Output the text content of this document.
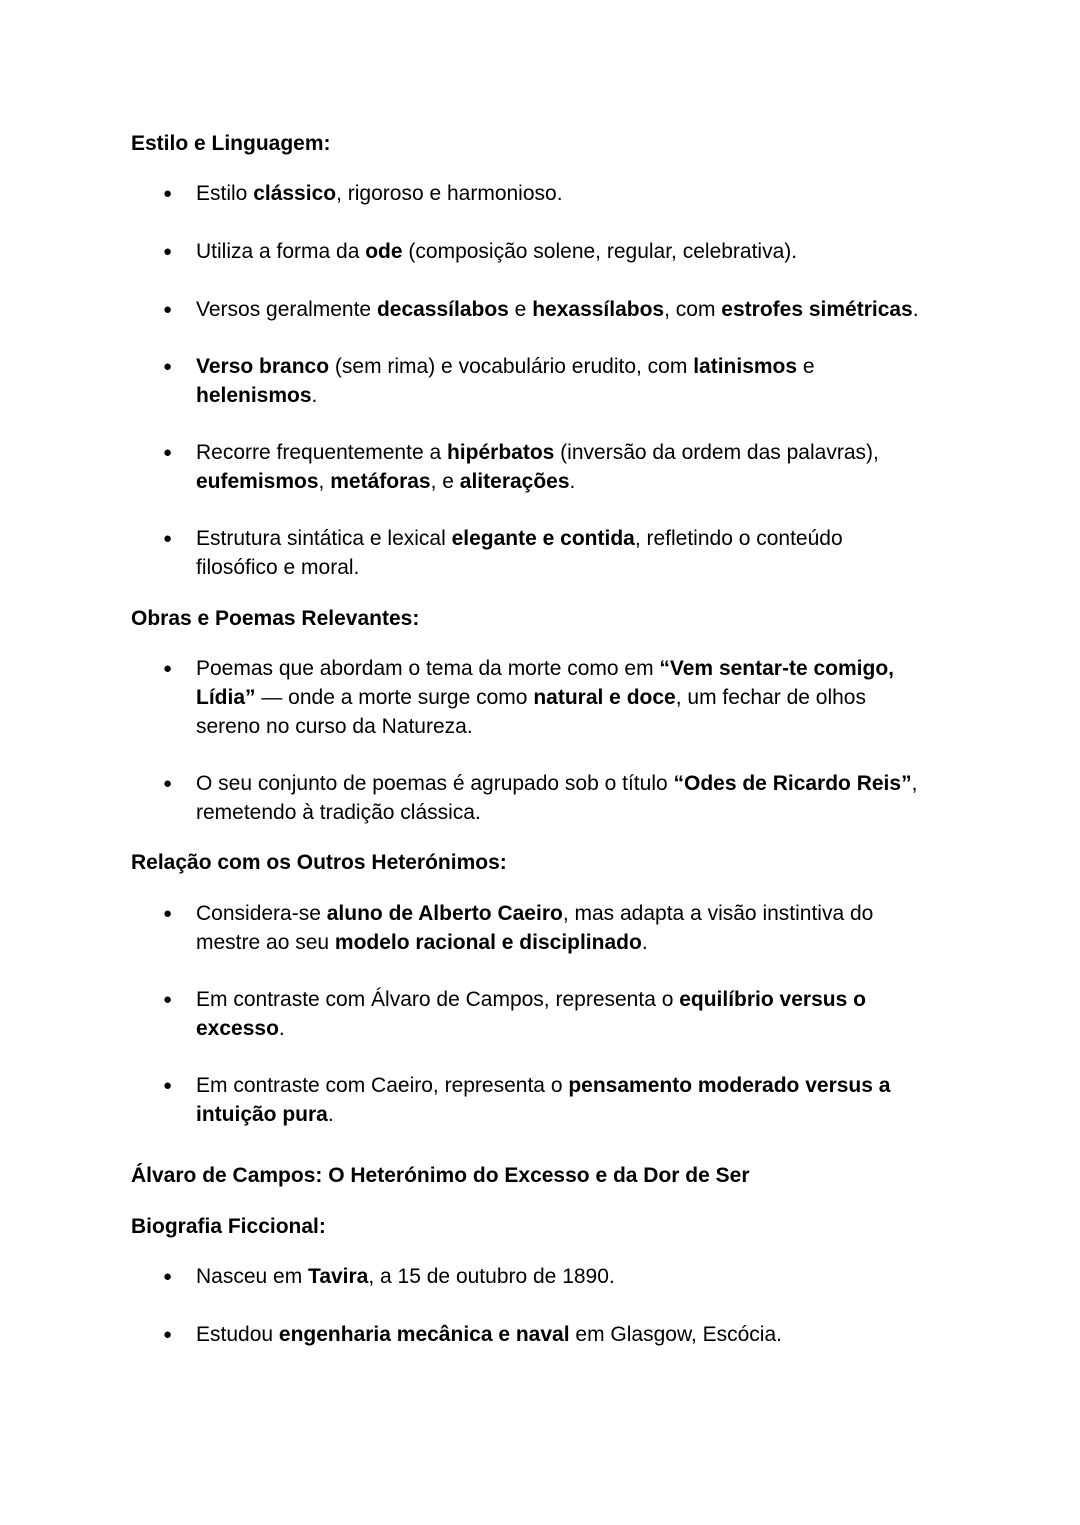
Estilo e Linguagem:
● Estilo clássico, rigoroso e harmonioso.
● Utiliza a forma da ode (composição solene, regular, celebrativa).
● Versos geralmente decassílabos e hexassílabos, com estrofes simétricas.
● Verso branco (sem rima) e vocabulário erudito, com latinismos e
helenismos.
● Recorre frequentemente a hipérbatos (inversão da ordem das palavras),
eufemismos, metáforas, e aliterações.
● Estrutura sintática e lexical elegante e contida, refletindo o conteúdo
filosófico e moral.
Obras e Poemas Relevantes:
● Poemas que abordam o tema da morte como em “Vem sentar-te comigo,
Lídia” — onde a morte surge como natural e doce, um fechar de olhos
sereno no curso da Natureza.
● O seu conjunto de poemas é agrupado sob o título “Odes de Ricardo Reis”,
remetendo à tradição clássica.
Relação com os Outros Heterónimos:
● Considera-se aluno de Alberto Caeiro, mas adapta a visão instintiva do
mestre ao seu modelo racional e disciplinado.
● Em contraste com Álvaro de Campos, representa o equilíbrio versus o
excesso.
● Em contraste com Caeiro, representa o pensamento moderado versus a
intuição pura.
Álvaro de Campos: O Heterónimo do Excesso e da Dor de Ser
Biografia Ficcional:
● Nasceu em Tavira, a 15 de outubro de 1890.
● Estudou engenharia mecânica e naval em Glasgow, Escócia.
